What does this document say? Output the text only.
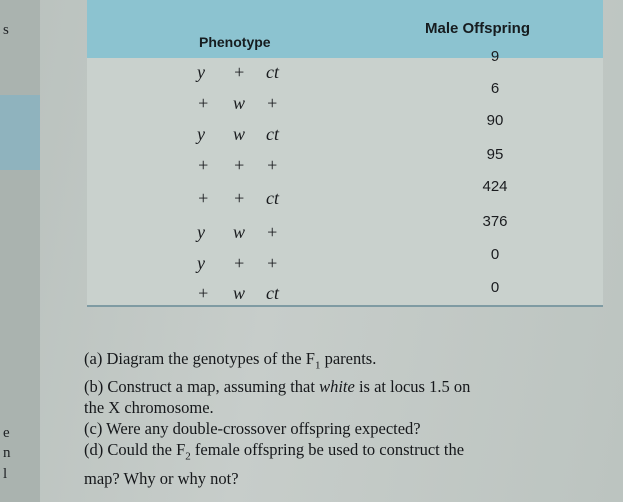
s
e
n
l
Phenotype
Male Offspring
y + ct
9
+ w +
6
y w ct
90
+ + +
95
+ + ct
424
y w +
376
y + +	0
+ w ct	0
(a) Diagram the genotypes of the $F_1$ parents.
(b) Construct a map, assuming that white is at locus 1.5 on
the X chromosome.
(c) Were any double-crossover offspring expected?
(d) Could the $F_2$ female offspring be used to construct the
map? Why or why not?
